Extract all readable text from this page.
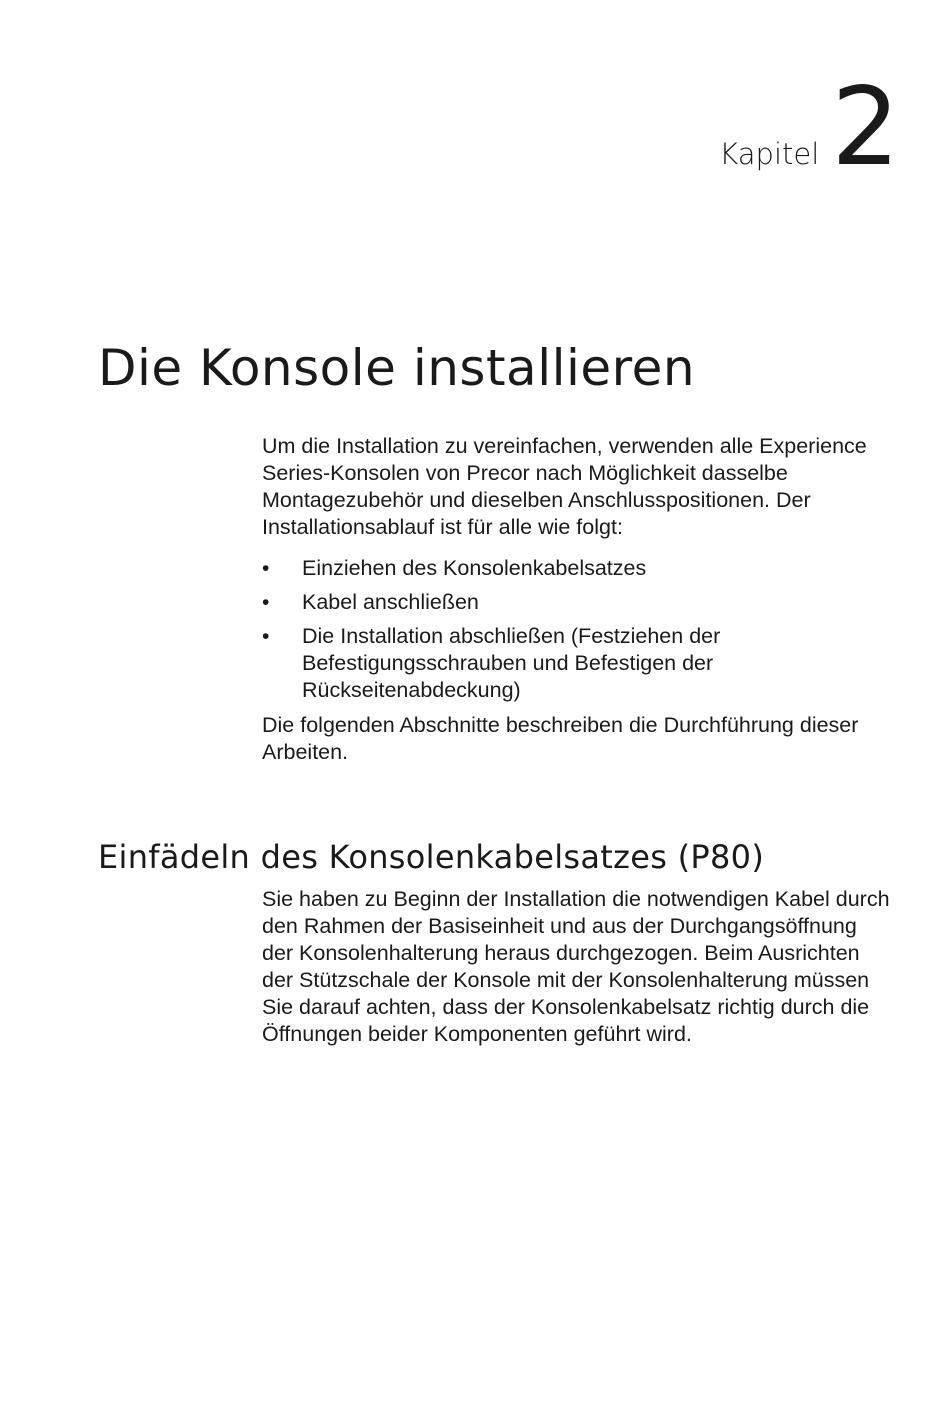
Kapitel 2
Die Konsole installieren

Um die Installation zu vereinfachen, verwenden alle Experience Series-Konsolen von Precor nach Möglichkeit dasselbe Montagezubehör und dieselben Anschlusspositionen. Der Installationsablauf ist für alle wie folgt:

• Einziehen des Konsolenkabelsatzes
• Kabel anschließen
• Die Installation abschließen (Festziehen der Befestigungsschrauben und Befestigen der Rückseitenabdeckung)

Die folgenden Abschnitte beschreiben die Durchführung dieser Arbeiten.

Einfädeln des Konsolenkabelsatzes (P80)

Sie haben zu Beginn der Installation die notwendigen Kabel durch den Rahmen der Basiseinheit und aus der Durchgangsöffnung der Konsolenhalterung heraus durchgezogen. Beim Ausrichten der Stützschale der Konsole mit der Konsolenhalterung müssen Sie darauf achten, dass der Konsolenkabelsatz richtig durch die Öffnungen beider Komponenten geführt wird.
